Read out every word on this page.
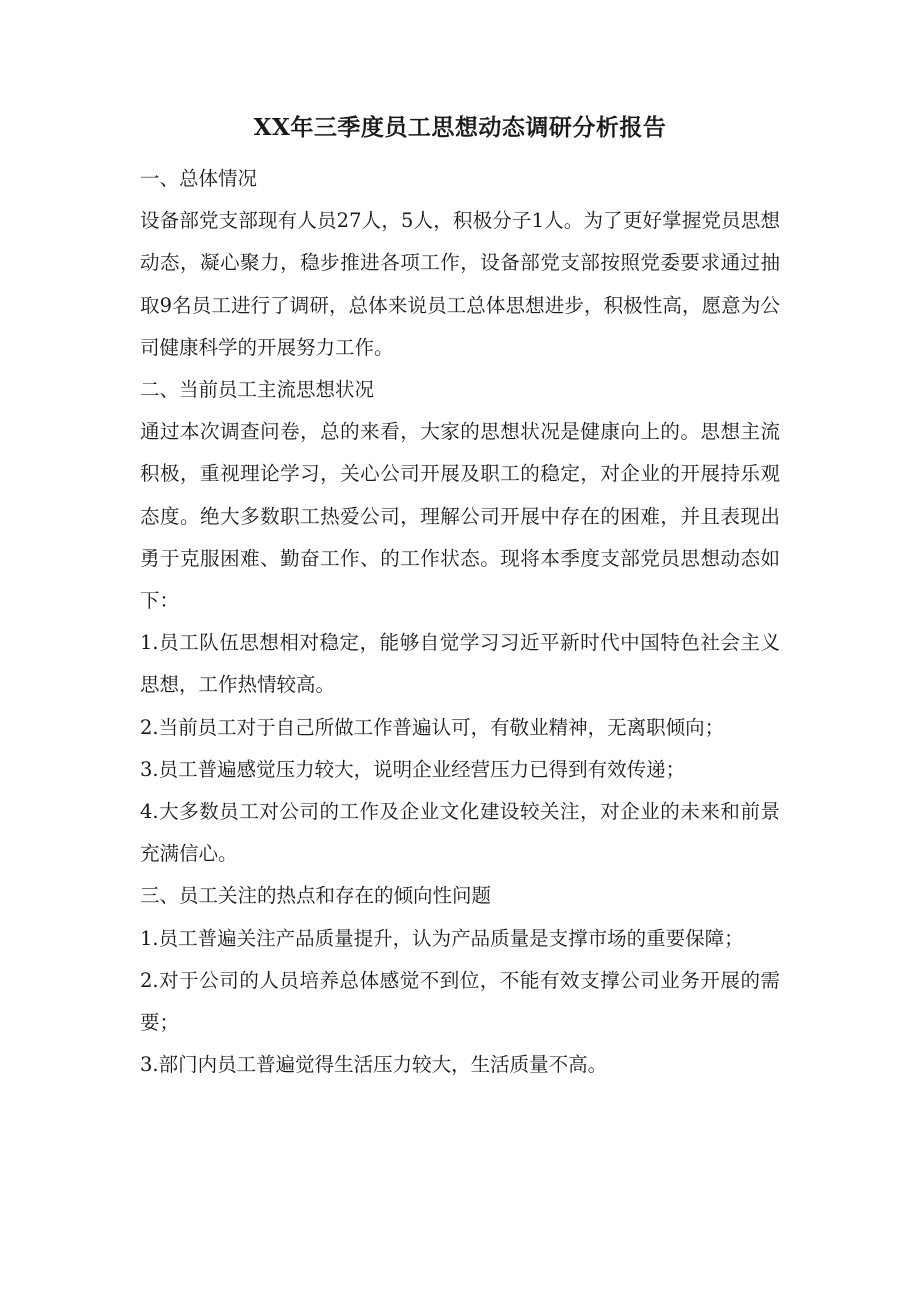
XX年三季度员工思想动态调研分析报告

一、总体情况

设备部党支部现有人员27人，5人，积极分子1人。为了更好掌握党员思想动态，凝心聚力，稳步推进各项工作，设备部党支部按照党委要求通过抽取9名员工进行了调研，总体来说员工总体思想进步，积极性高，愿意为公司健康科学的开展努力工作。

二、当前员工主流思想状况

通过本次调查问卷，总的来看，大家的思想状况是健康向上的。思想主流积极，重视理论学习，关心公司开展及职工的稳定，对企业的开展持乐观态度。绝大多数职工热爱公司，理解公司开展中存在的困难，并且表现出勇于克服困难、勤奋工作、的工作状态。现将本季度支部党员思想动态如下：

1.员工队伍思想相对稳定，能够自觉学习习近平新时代中国特色社会主义思想，工作热情较高。

2.当前员工对于自己所做工作普遍认可，有敬业精神，无离职倾向；

3.员工普遍感觉压力较大，说明企业经营压力已得到有效传递；

4.大多数员工对公司的工作及企业文化建设较关注，对企业的未来和前景充满信心。

三、员工关注的热点和存在的倾向性问题

1.员工普遍关注产品质量提升，认为产品质量是支撑市场的重要保障；

2.对于公司的人员培养总体感觉不到位，不能有效支撑公司业务开展的需要；

3.部门内员工普遍觉得生活压力较大，生活质量不高。
